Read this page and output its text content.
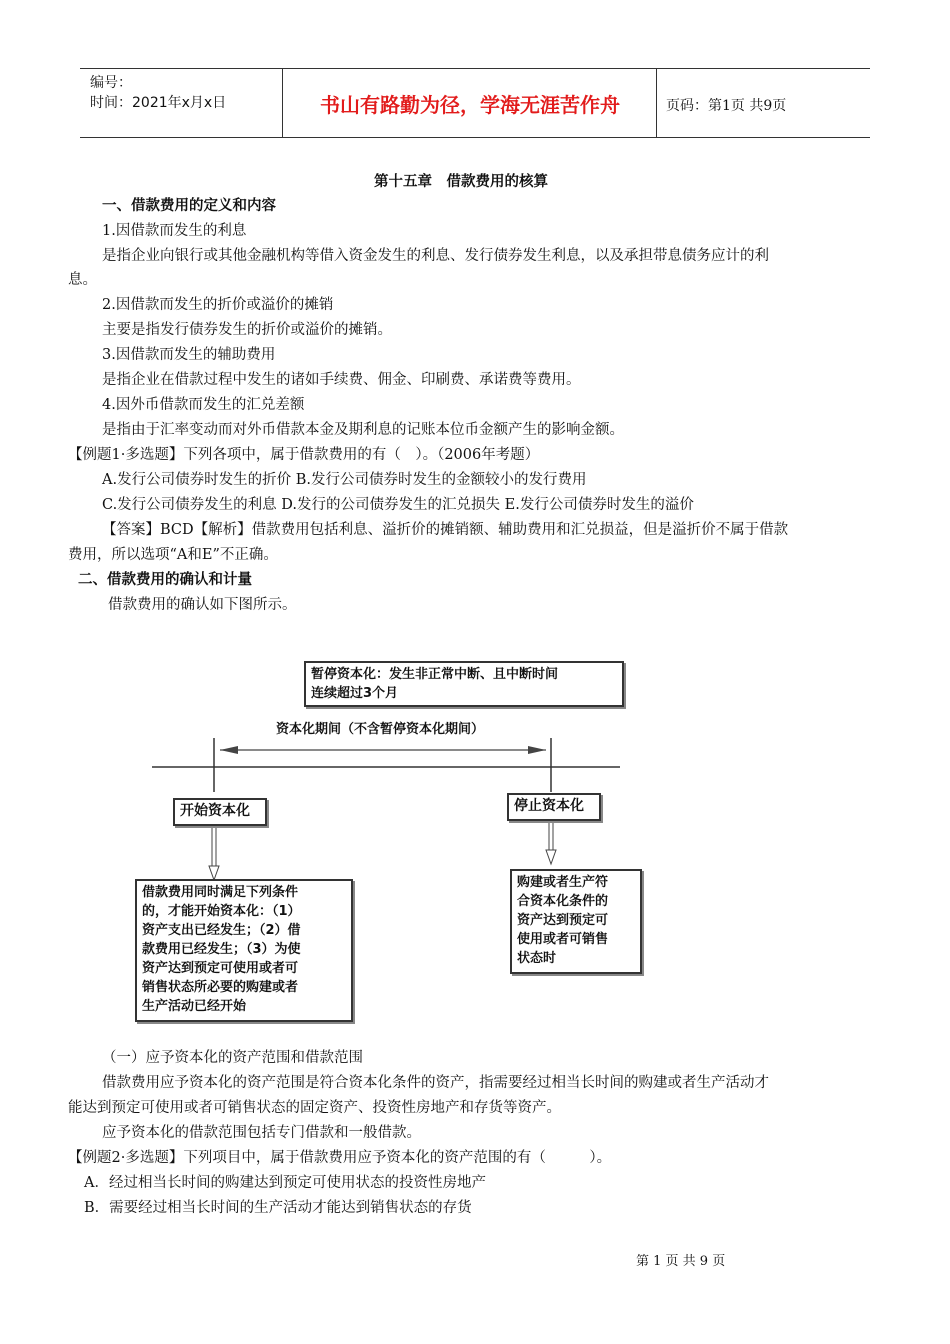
编号：
时间：2021年x月x日	书山有路勤为径，学海无涯苦作舟	页码：第1页 共9页
第十五章　借款费用的核算
一、借款费用的定义和内容
1.因借款而发生的利息
是指企业向银行或其他金融机构等借入资金发生的利息、发行债券发生利息，以及承担带息债务应计的利
息。
2.因借款而发生的折价或溢价的摊销
主要是指发行债券发生的折价或溢价的摊销。
3.因借款而发生的辅助费用
是指企业在借款过程中发生的诸如手续费、佣金、印刷费、承诺费等费用。
4.因外币借款而发生的汇兑差额
是指由于汇率变动而对外币借款本金及期利息的记账本位币金额产生的影响金额。
【例题1·多选题】下列各项中，属于借款费用的有（　）。（2006年考题）
A.发行公司债券时发生的折价 B.发行公司债券时发生的金额较小的发行费用
C.发行公司债券发生的利息 D.发行的公司债券发生的汇兑损失 E.发行公司债券时发生的溢价
【答案】BCD【解析】借款费用包括利息、溢折价的摊销额、辅助费用和汇兑损益，但是溢折价不属于借款
费用，所以选项“A和E”不正确。
二、借款费用的确认和计量
借款费用的确认如下图所示。
暂停资本化：发生非正常中断、且中断时间
连续超过3个月
资本化期间（不含暂停资本化期间）
开始资本化	停止资本化
借款费用同时满足下列条件
的，才能开始资本化：（1）
资产支出已经发生；（2）借
款费用已经发生；（3）为使
资产达到预定可使用或者可
销售状态所必要的购建或者
生产活动已经开始
购建或者生产符
合资本化条件的
资产达到预定可
使用或者可销售
状态时
（一）应予资本化的资产范围和借款范围
借款费用应予资本化的资产范围是符合资本化条件的资产，指需要经过相当长时间的购建或者生产活动才
能达到预定可使用或者可销售状态的固定资产、投资性房地产和存货等资产。
应予资本化的借款范围包括专门借款和一般借款。
【例题2·多选题】下列项目中，属于借款费用应予资本化的资产范围的有（　　　）。
A．经过相当长时间的购建达到预定可使用状态的投资性房地产
B．需要经过相当长时间的生产活动才能达到销售状态的存货
第 1 页 共 9 页
